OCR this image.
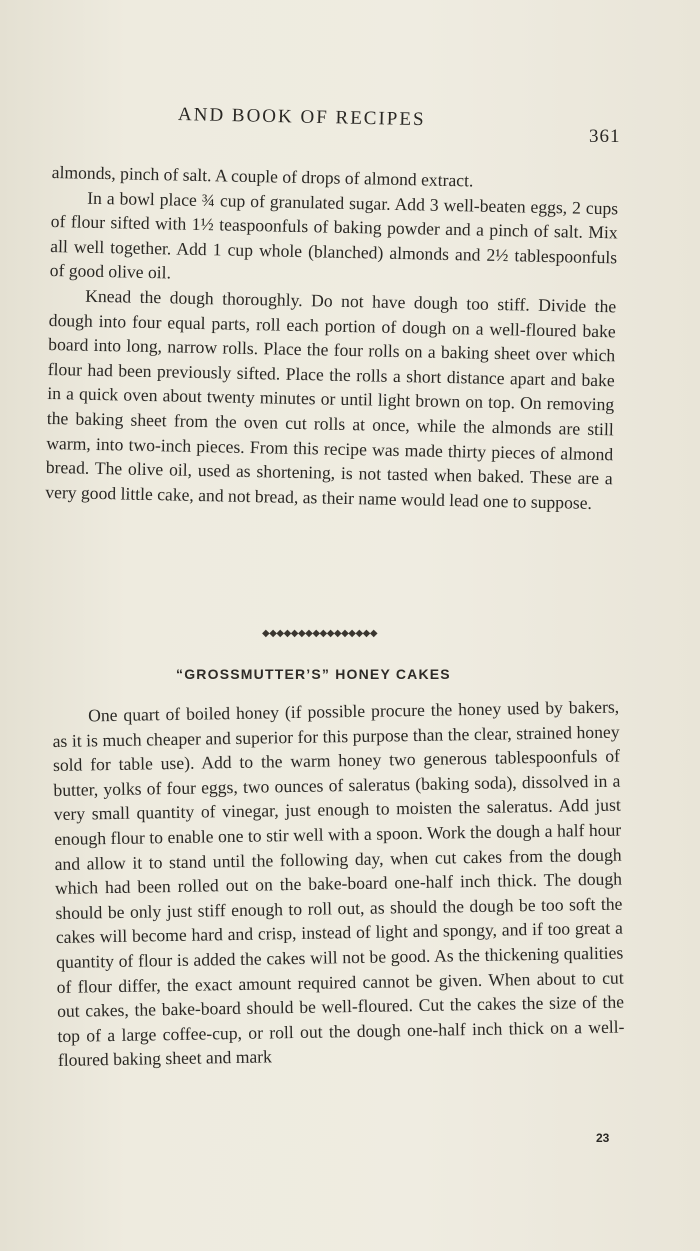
AND BOOK OF RECIPES
361

almonds, pinch of salt. A couple of drops of almond extract.

In a bowl place ¾ cup of granulated sugar. Add 3 well-beaten eggs, 2 cups of flour sifted with 1½ teaspoonfuls of baking powder and a pinch of salt. Mix all well together. Add 1 cup whole (blanched) almonds and 2½ tablespoonfuls of good olive oil.

Knead the dough thoroughly. Do not have dough too stiff. Divide the dough into four equal parts, roll each portion of dough on a well-floured bake board into long, narrow rolls. Place the four rolls on a baking sheet over which flour had been previously sifted. Place the rolls a short distance apart and bake in a quick oven about twenty minutes or until light brown on top. On removing the baking sheet from the oven cut rolls at once, while the almonds are still warm, into two-inch pieces. From this recipe was made thirty pieces of almond bread. The olive oil, used as shortening, is not tasted when baked. These are a very good little cake, and not bread, as their name would lead one to suppose.

◆◆◆◆◆◆◆◆◆◆◆◆◆◆◆◆
“GROSSMUTTER’S” HONEY CAKES

One quart of boiled honey (if possible procure the honey used by bakers, as it is much cheaper and superior for this purpose than the clear, strained honey sold for table use). Add to the warm honey two generous tablespoonfuls of butter, yolks of four eggs, two ounces of saleratus (baking soda), dissolved in a very small quantity of vinegar, just enough to moisten the saleratus. Add just enough flour to enable one to stir well with a spoon. Work the dough a half hour and allow it to stand until the following day, when cut cakes from the dough which had been rolled out on the bake-board one-half inch thick. The dough should be only just stiff enough to roll out, as should the dough be too soft the cakes will become hard and crisp, instead of light and spongy, and if too great a quantity of flour is added the cakes will not be good. As the thickening qualities of flour differ, the exact amount required cannot be given. When about to cut out cakes, the bake-board should be well-floured. Cut the cakes the size of the top of a large coffee-cup, or roll out the dough one-half inch thick on a well-floured baking sheet and mark

23
